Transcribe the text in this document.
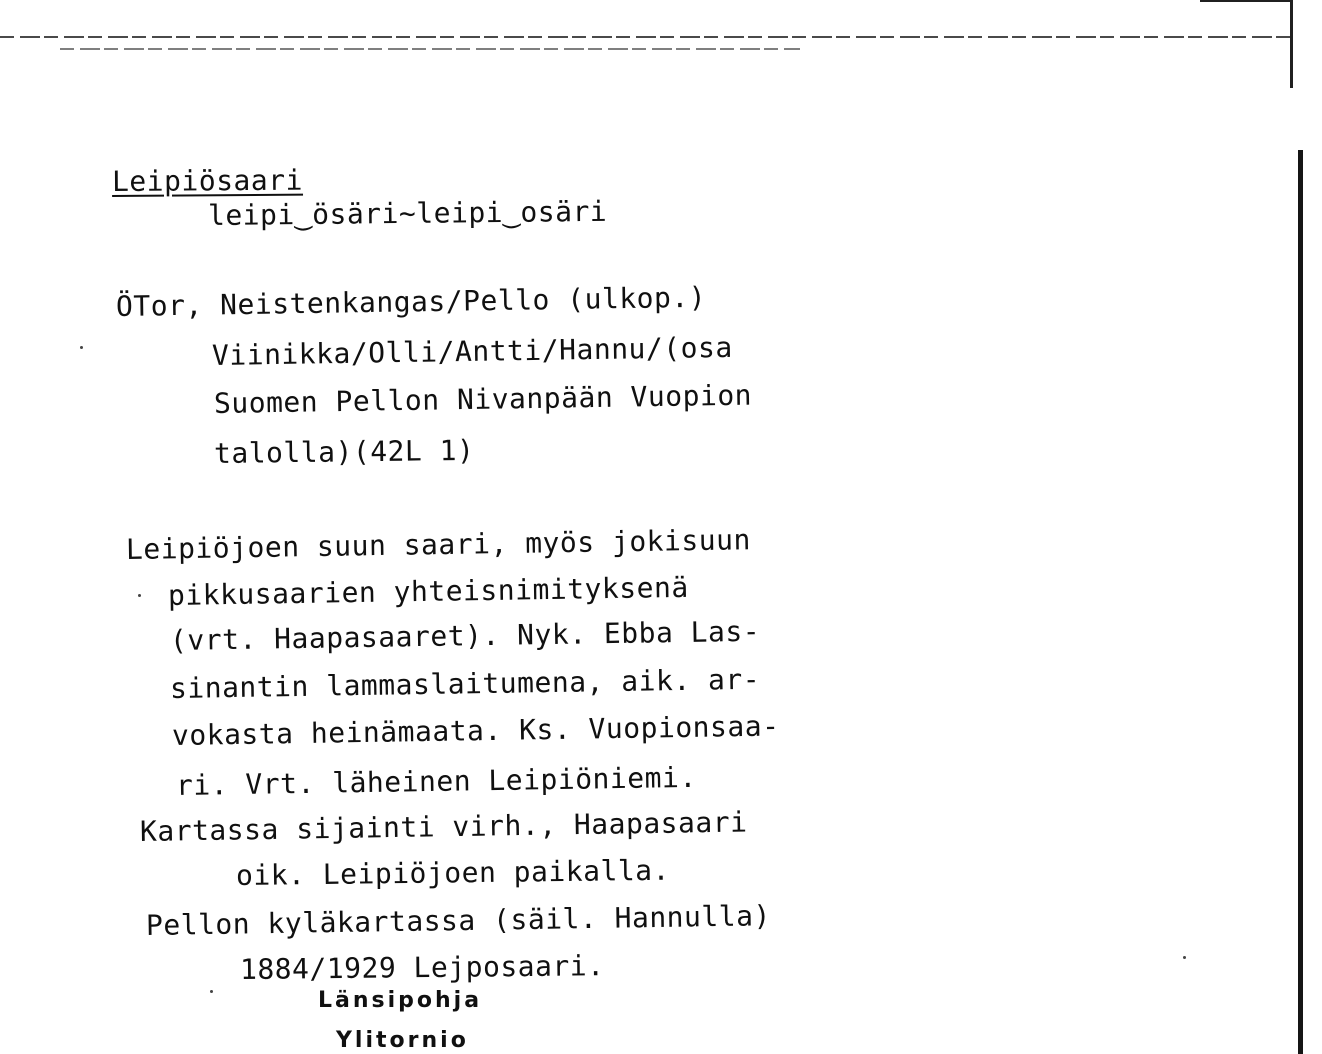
Leipiösaari
leipi‿ösäri~leipi‿osäri
ÖTor, Neistenkangas/Pello (ulkop.)
Viinikka/Olli/Antti/Hannu/(osa
Suomen Pellon Nivanpään Vuopion
talolla)(42L 1)
Leipiöjoen suun saari, myös jokisuun
pikkusaarien yhteisnimityksenä
(vrt. Haapasaaret). Nyk. Ebba Las-
sinantin lammaslaitumena, aik. ar-
vokasta heinämaata. Ks. Vuopionsaa-
ri. Vrt. läheinen Leipiöniemi.
Kartassa sijainti virh., Haapasaari
oik. Leipiöjoen paikalla.
Pellon kyläkartassa (säil. Hannulla)
1884/1929 Lejposaari.
Länsipohja
Ylitornio
